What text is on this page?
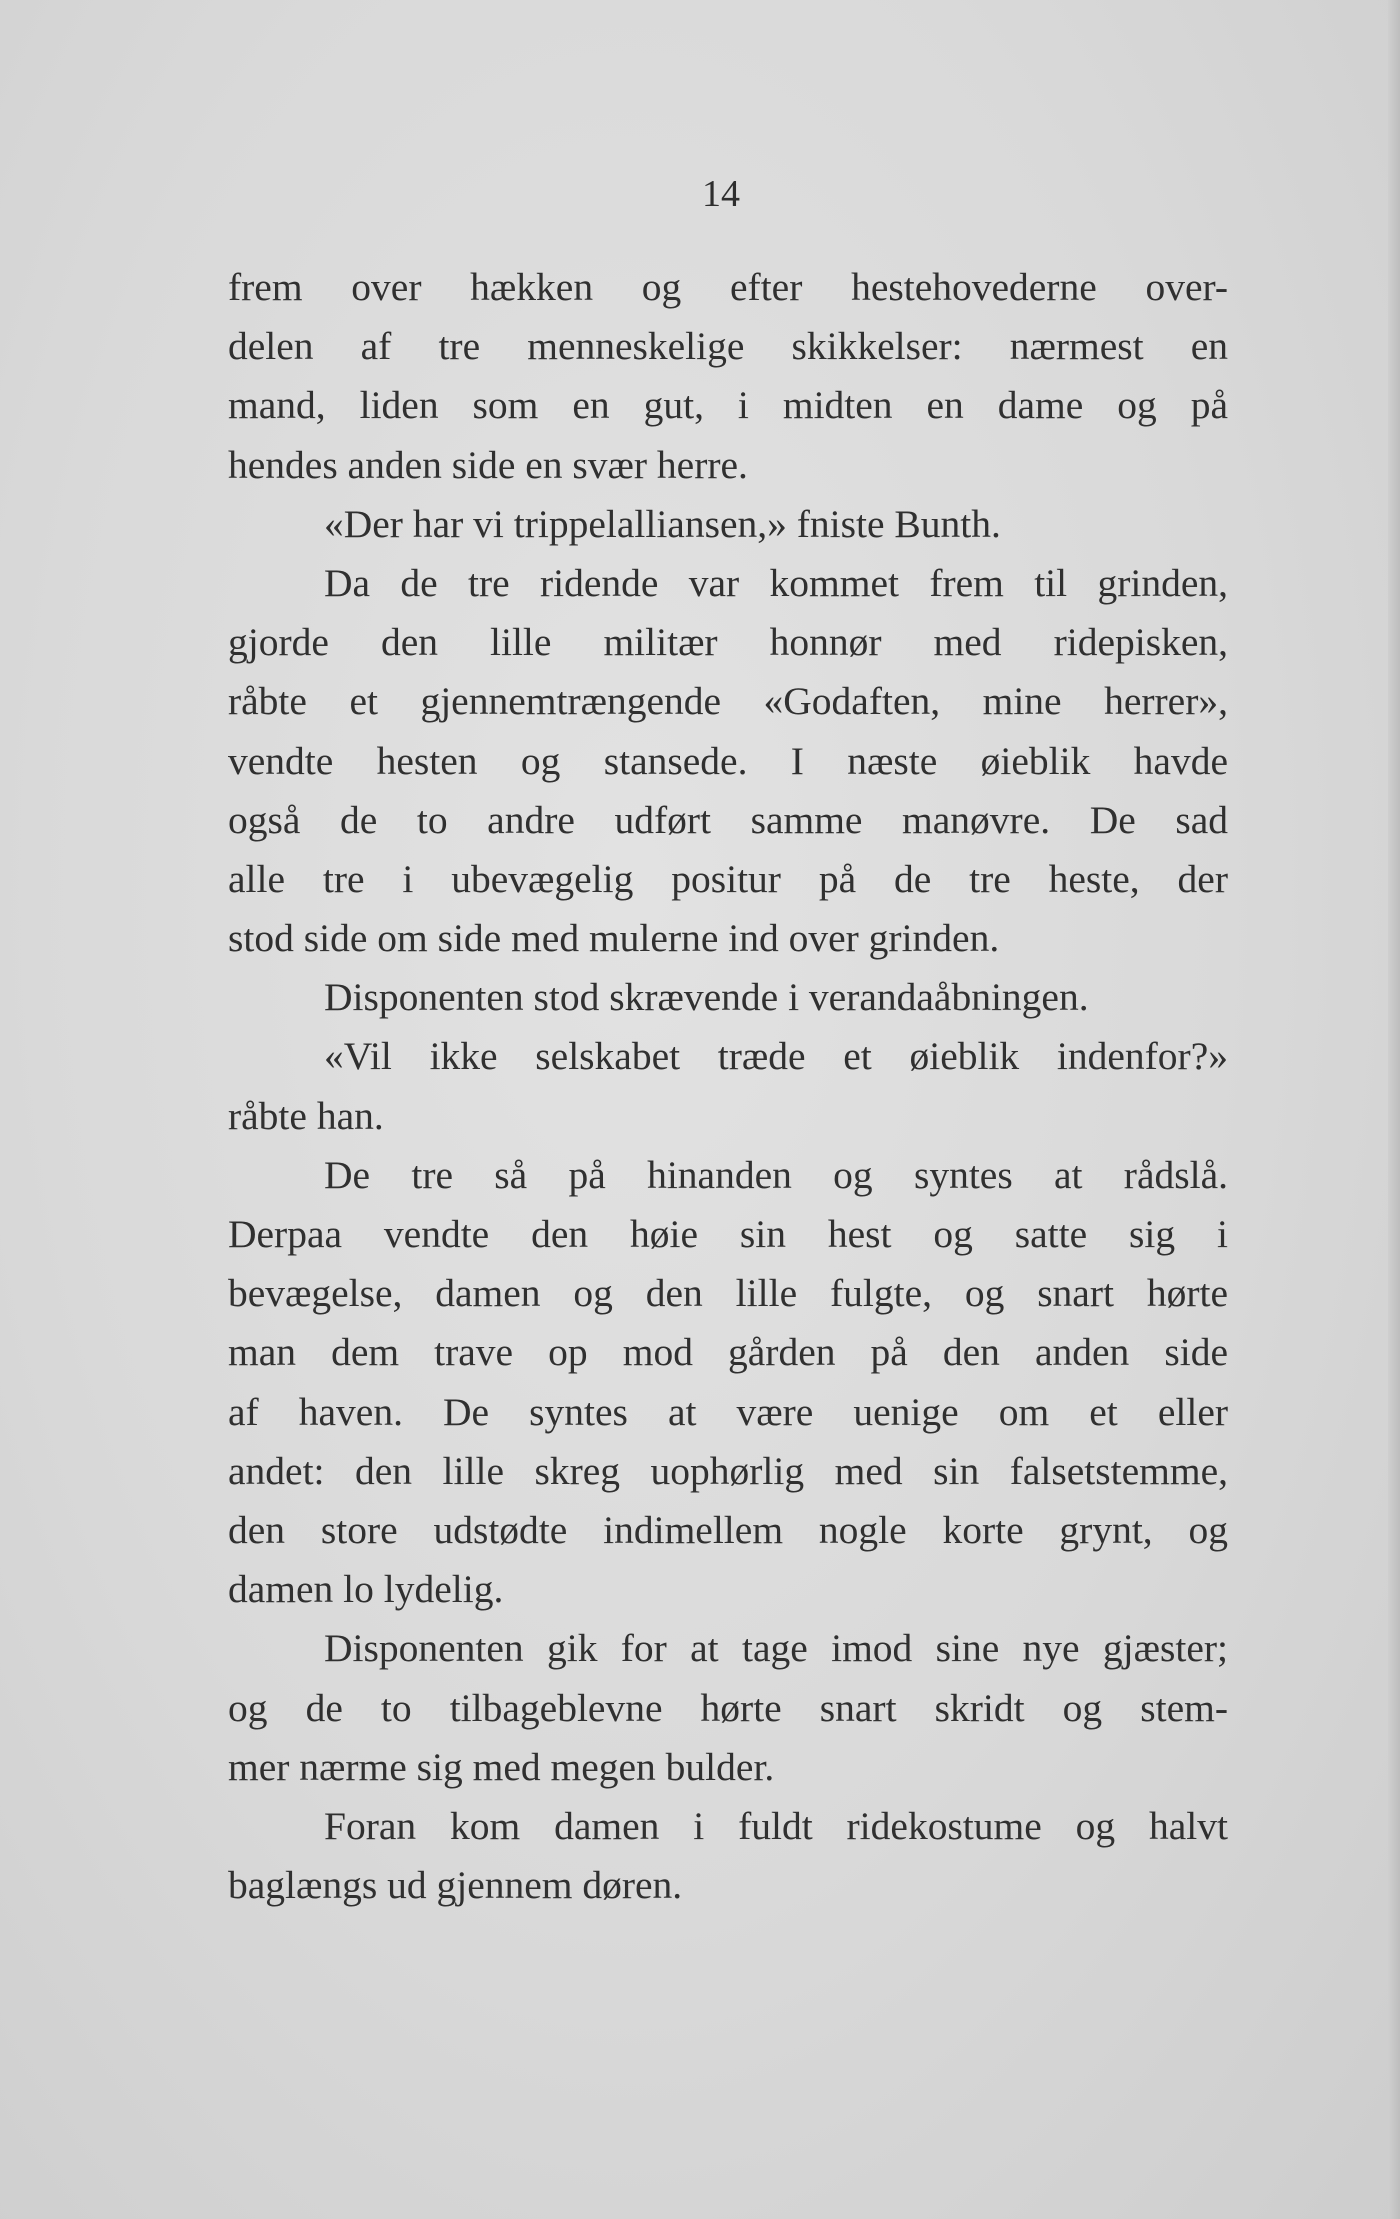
14
frem over hækken og efter hestehovederne over-
delen af tre menneskelige skikkelser: nærmest en
mand, liden som en gut, i midten en dame og på
hendes anden side en svær herre.
«Der har vi trippelalliansen,» fniste Bunth.
Da de tre ridende var kommet frem til grinden,
gjorde den lille militær honnør med ridepisken,
råbte et gjennemtrængende «Godaften, mine herrer»,
vendte hesten og stansede. I næste øieblik havde
også de to andre udført samme manøvre. De sad
alle tre i ubevægelig positur på de tre heste, der
stod side om side med mulerne ind over grinden.
Disponenten stod skrævende i verandaåbningen.
«Vil ikke selskabet træde et øieblik indenfor?»
råbte han.
De tre så på hinanden og syntes at rådslå.
Derpaa vendte den høie sin hest og satte sig i
bevægelse, damen og den lille fulgte, og snart hørte
man dem trave op mod gården på den anden side
af haven. De syntes at være uenige om et eller
andet: den lille skreg uophørlig med sin falsetstemme,
den store udstødte indimellem nogle korte grynt, og
damen lo lydelig.
Disponenten gik for at tage imod sine nye gjæster;
og de to tilbageblevne hørte snart skridt og stem-
mer nærme sig med megen bulder.
Foran kom damen i fuldt ridekostume og halvt
baglængs ud gjennem døren.
